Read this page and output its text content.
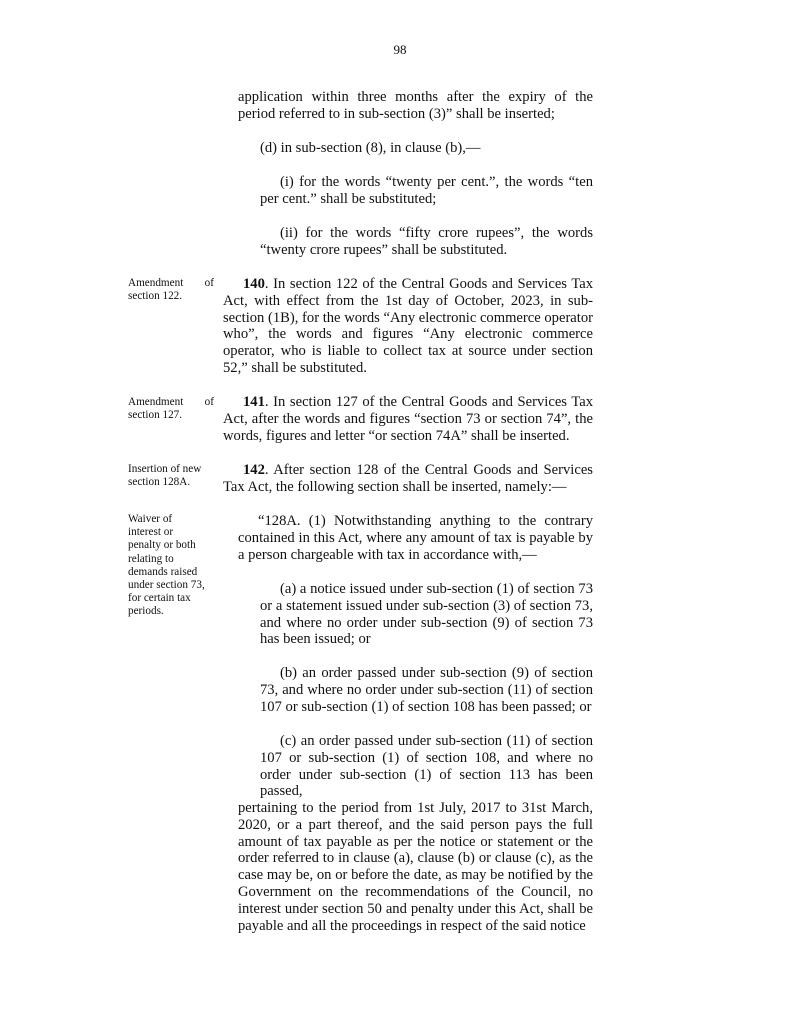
98

application within three months after the expiry of the period referred to in sub-section (3)” shall be inserted;

(d) in sub-section (8), in clause (b),—

(i) for the words “twenty per cent.”, the words “ten per cent.” shall be substituted;

(ii) for the words “fifty crore rupees”, the words “twenty crore rupees” shall be substituted.

Amendment of section 122.

140. In section 122 of the Central Goods and Services Tax Act, with effect from the 1st day of October, 2023, in sub-section (1B), for the words “Any electronic commerce operator who”, the words and figures “Any electronic commerce operator, who is liable to collect tax at source under section 52,” shall be substituted.

Amendment of section 127.

141. In section 127 of the Central Goods and Services Tax Act, after the words and figures “section 73 or section 74”, the words, figures and letter “or section 74A” shall be inserted.

Insertion of new section 128A.

142. After section 128 of the Central Goods and Services Tax Act, the following section shall be inserted, namely:—

Waiver of interest or penalty or both relating to demands raised under section 73, for certain tax periods.

“128A. (1) Notwithstanding anything to the contrary contained in this Act, where any amount of tax is payable by a person chargeable with tax in accordance with,—

(a) a notice issued under sub-section (1) of section 73 or a statement issued under sub-section (3) of section 73, and where no order under sub-section (9) of section 73 has been issued; or

(b) an order passed under sub-section (9) of section 73, and where no order under sub-section (11) of section 107 or sub-section (1) of section 108 has been passed; or

(c) an order passed under sub-section (11) of section 107 or sub-section (1) of section 108, and where no order under sub-section (1) of section 113 has been passed,

pertaining to the period from 1st July, 2017 to 31st March, 2020, or a part thereof, and the said person pays the full amount of tax payable as per the notice or statement or the order referred to in clause (a), clause (b) or clause (c), as the case may be, on or before the date, as may be notified by the Government on the recommendations of the Council, no interest under section 50 and penalty under this Act, shall be payable and all the proceedings in respect of the said notice
